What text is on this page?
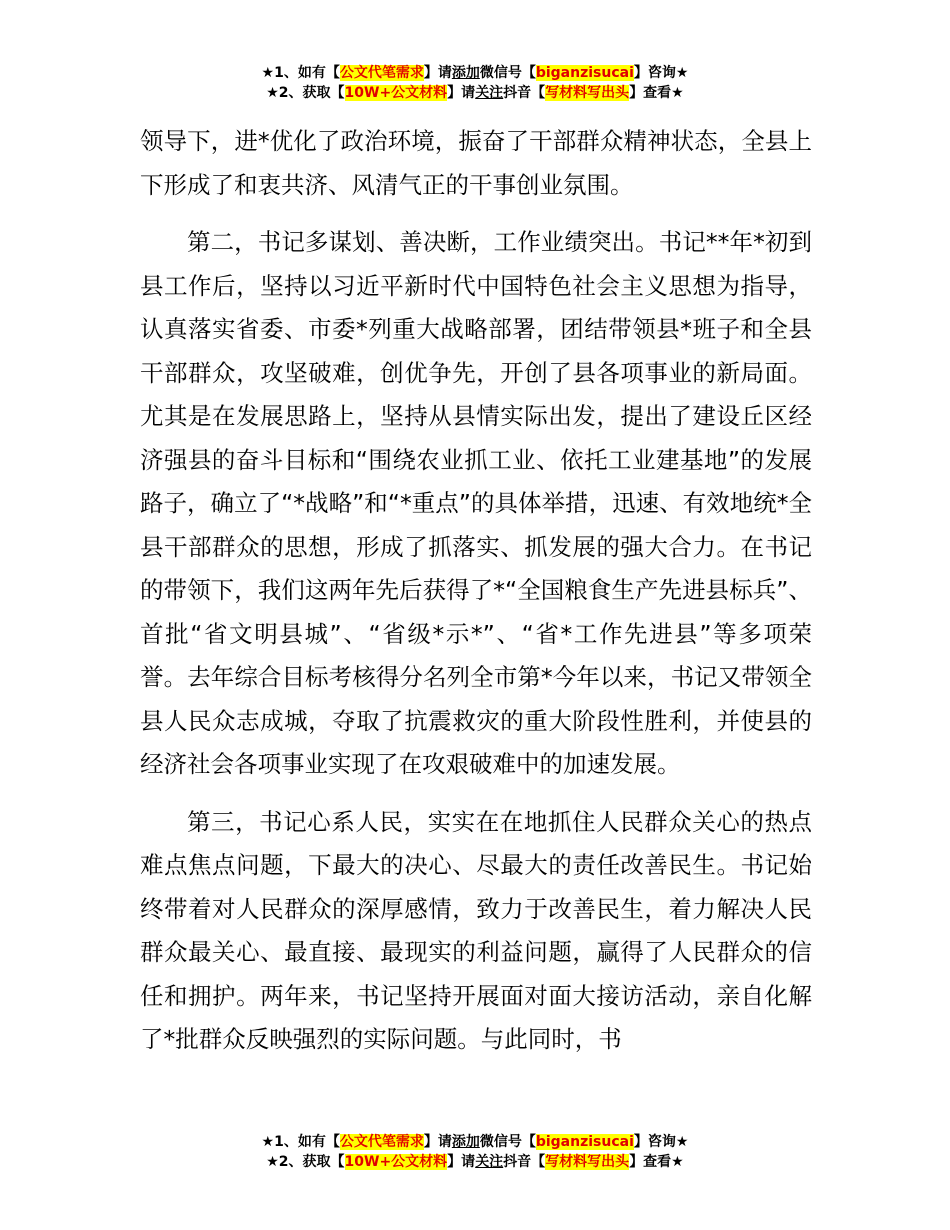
★1、如有【公文代笔需求】请添加微信号【biganzisucai】咨询★
★2、获取【10W+公文材料】请关注抖音【写材料写出头】查看★

领导下，进*优化了政治环境，振奋了干部群众精神状态，全县上下形成了和衷共济、风清气正的干事创业氛围。

第二，书记多谋划、善决断，工作业绩突出。书记**年*初到县工作后，坚持以习近平新时代中国特色社会主义思想为指导，认真落实省委、市委*列重大战略部署，团结带领县*班子和全县干部群众，攻坚破难，创优争先，开创了县各项事业的新局面。尤其是在发展思路上，坚持从县情实际出发，提出了建设丘区经济强县的奋斗目标和“围绕农业抓工业、依托工业建基地”的发展路子，确立了“*战略”和“*重点”的具体举措，迅速、有效地统*全县干部群众的思想，形成了抓落实、抓发展的强大合力。在书记的带领下，我们这两年先后获得了*“全国粮食生产先进县标兵”、首批“省文明县城”、“省级*示*”、“省*工作先进县”等多项荣誉。去年综合目标考核得分名列全市第*今年以来，书记又带领全县人民众志成城，夺取了抗震救灾的重大阶段性胜利，并使县的经济社会各项事业实现了在攻艰破难中的加速发展。

第三，书记心系人民，实实在在地抓住人民群众关心的热点难点焦点问题，下最大的决心、尽最大的责任改善民生。书记始终带着对人民群众的深厚感情，致力于改善民生，着力解决人民群众最关心、最直接、最现实的利益问题，赢得了人民群众的信任和拥护。两年来，书记坚持开展面对面大接访活动，亲自化解了*批群众反映强烈的实际问题。与此同时，书

★1、如有【公文代笔需求】请添加微信号【biganzisucai】咨询★
★2、获取【10W+公文材料】请关注抖音【写材料写出头】查看★
